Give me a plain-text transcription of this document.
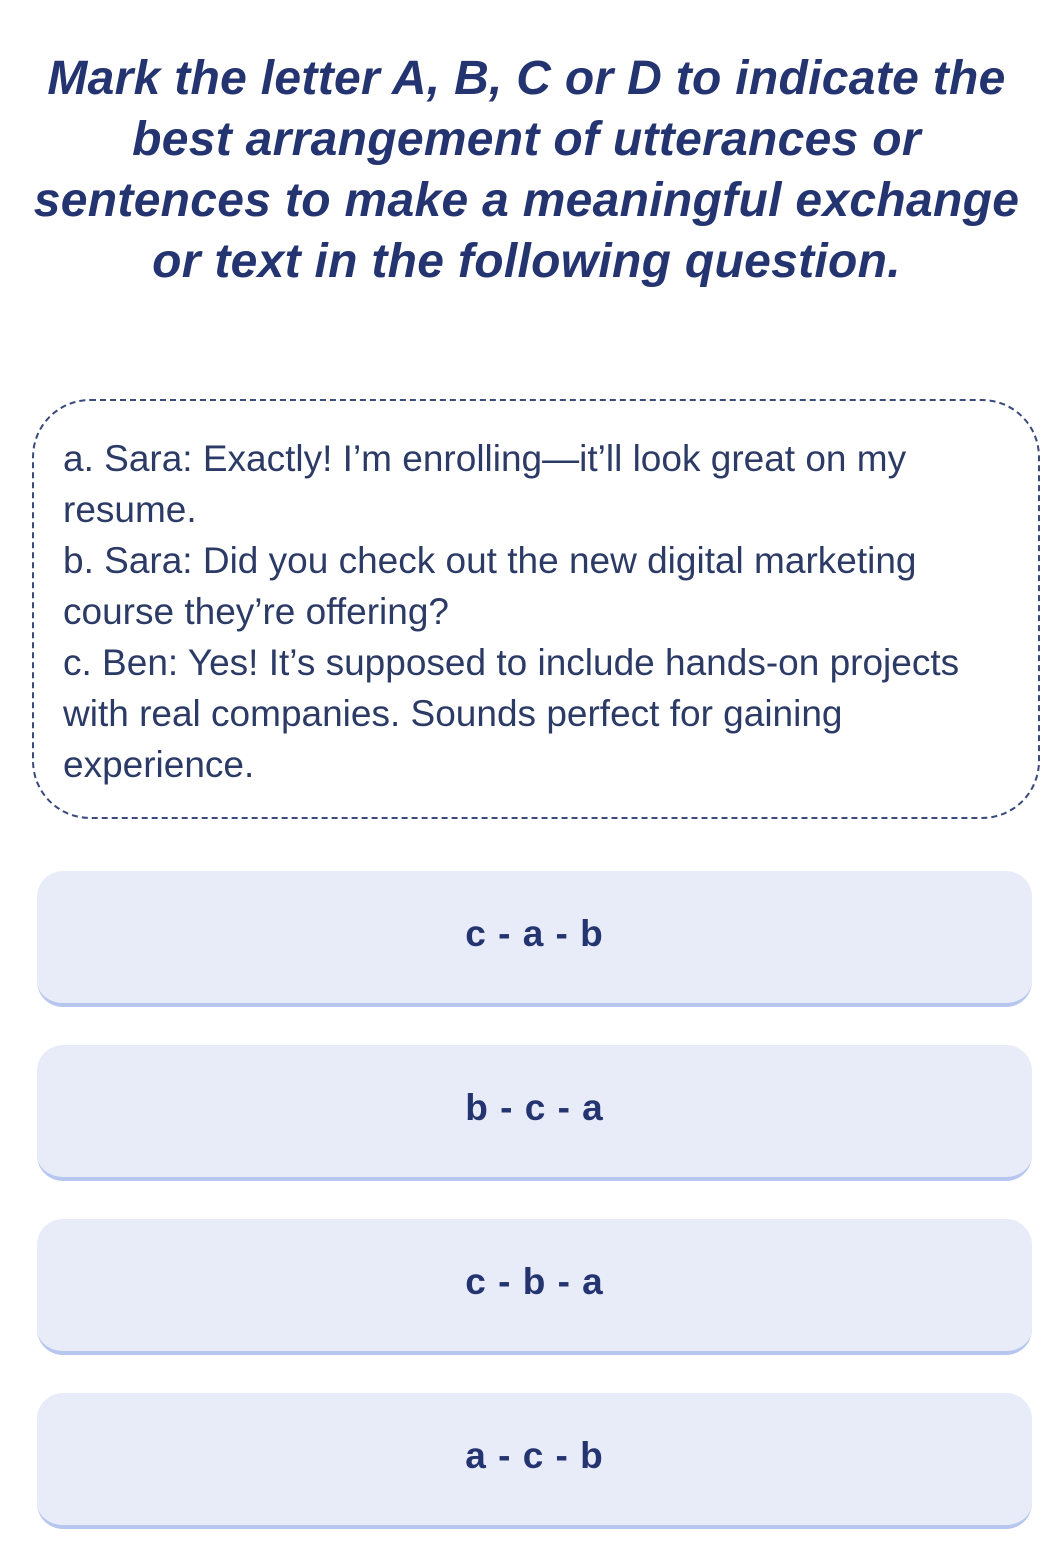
Mark the letter A, B, C or D to indicate the best arrangement of utterances or sentences to make a meaningful exchange or text in the following question.

a. Sara: Exactly! I’m enrolling—it’ll look great on my resume.

b. Sara: Did you check out the new digital marketing course they’re offering?

c. Ben: Yes! It’s supposed to include hands-on projects with real companies. Sounds perfect for gaining experience.

c - a - b
b - c - a
c - b - a
a - c - b
